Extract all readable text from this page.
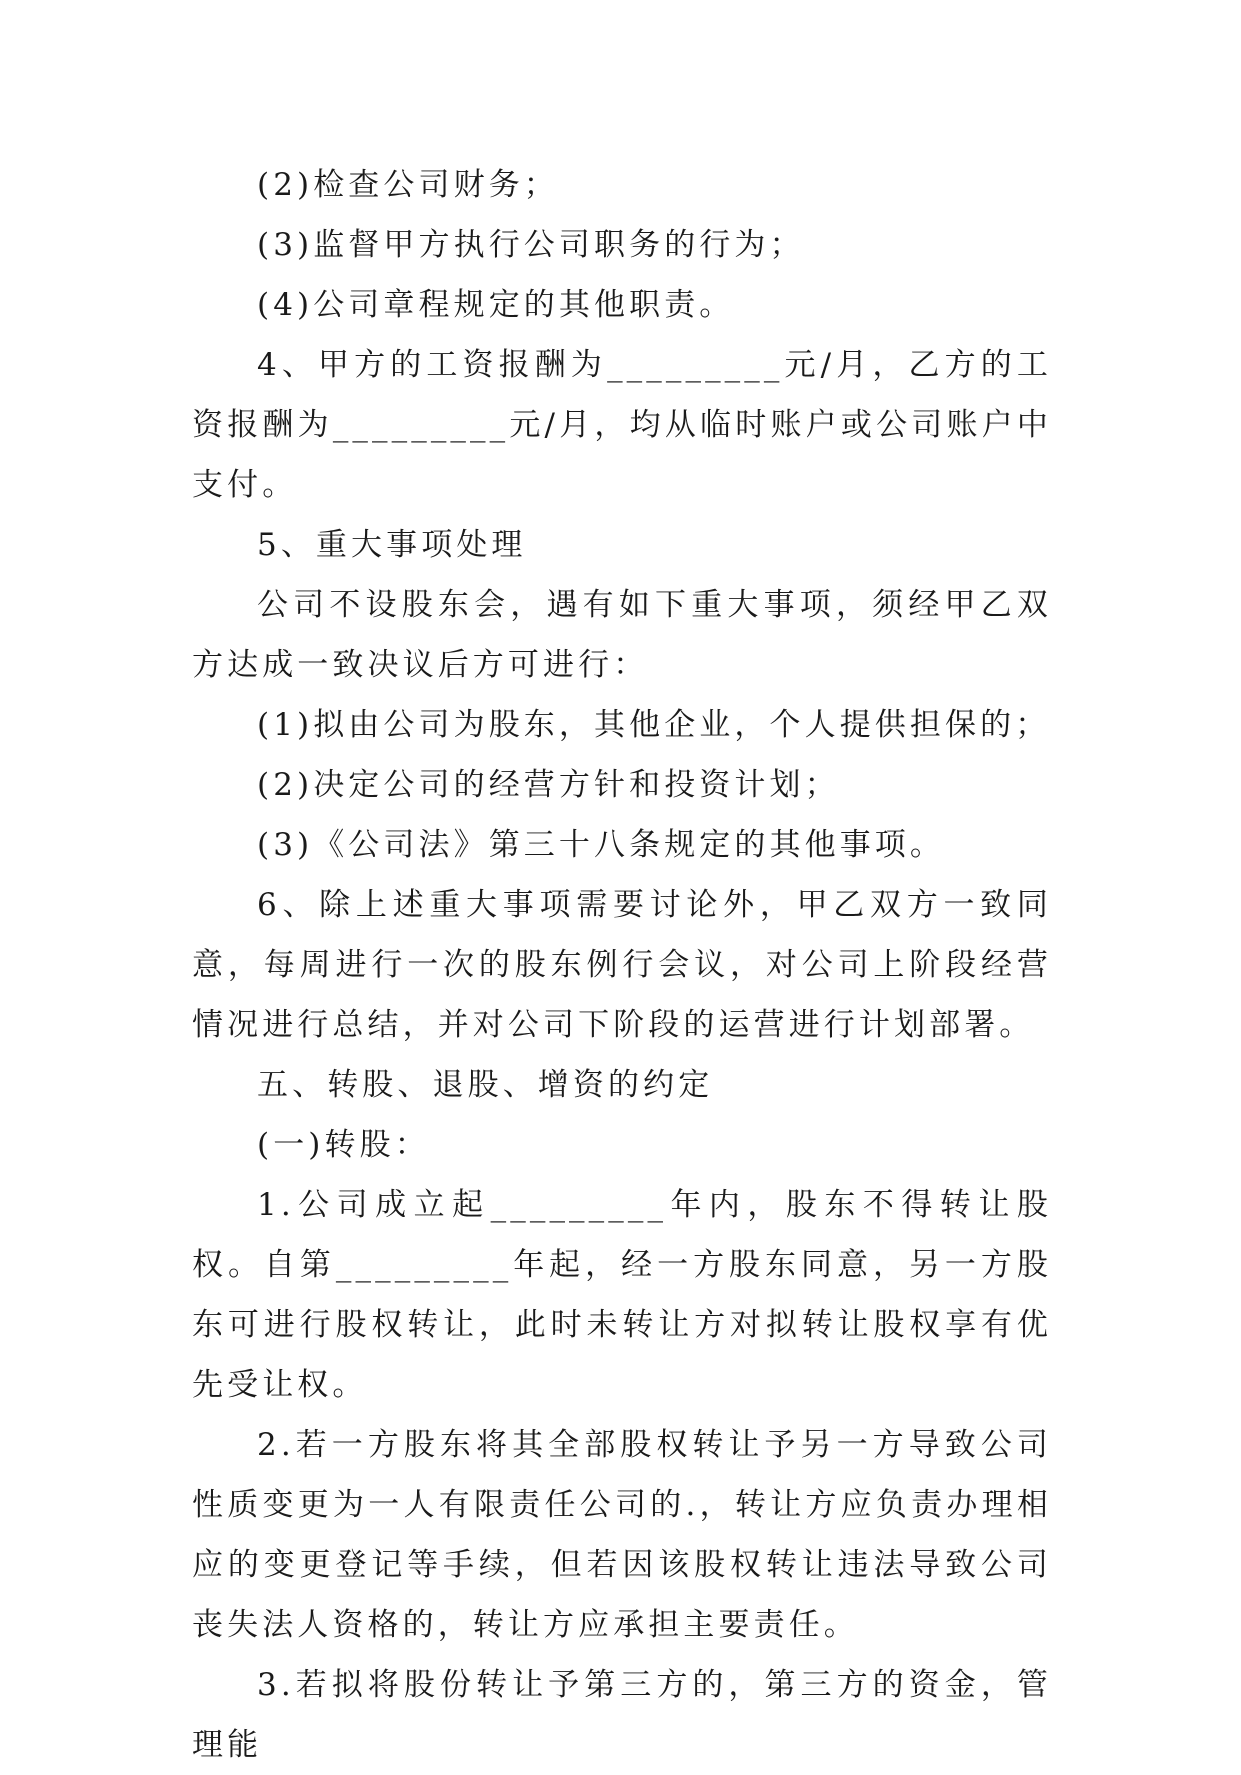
(2)检查公司财务；

(3)监督甲方执行公司职务的行为；

(4)公司章程规定的其他职责。

4、甲方的工资报酬为_________元/月，乙方的工资报酬为_________元/月，均从临时账户或公司账户中支付。

5、重大事项处理

公司不设股东会，遇有如下重大事项，须经甲乙双方达成一致决议后方可进行：

(1)拟由公司为股东，其他企业，个人提供担保的；

(2)决定公司的经营方针和投资计划；

(3)《公司法》第三十八条规定的其他事项。

6、除上述重大事项需要讨论外，甲乙双方一致同意，每周进行一次的股东例行会议，对公司上阶段经营情况进行总结，并对公司下阶段的运营进行计划部署。

五、转股、退股、增资的约定

(一)转股：

1.公司成立起_________年内，股东不得转让股权。自第_________年起，经一方股东同意，另一方股东可进行股权转让，此时未转让方对拟转让股权享有优先受让权。

2.若一方股东将其全部股权转让予另一方导致公司性质变更为一人有限责任公司的.，转让方应负责办理相应的变更登记等手续，但若因该股权转让违法导致公司丧失法人资格的，转让方应承担主要责任。

3.若拟将股份转让予第三方的，第三方的资金，管理能
